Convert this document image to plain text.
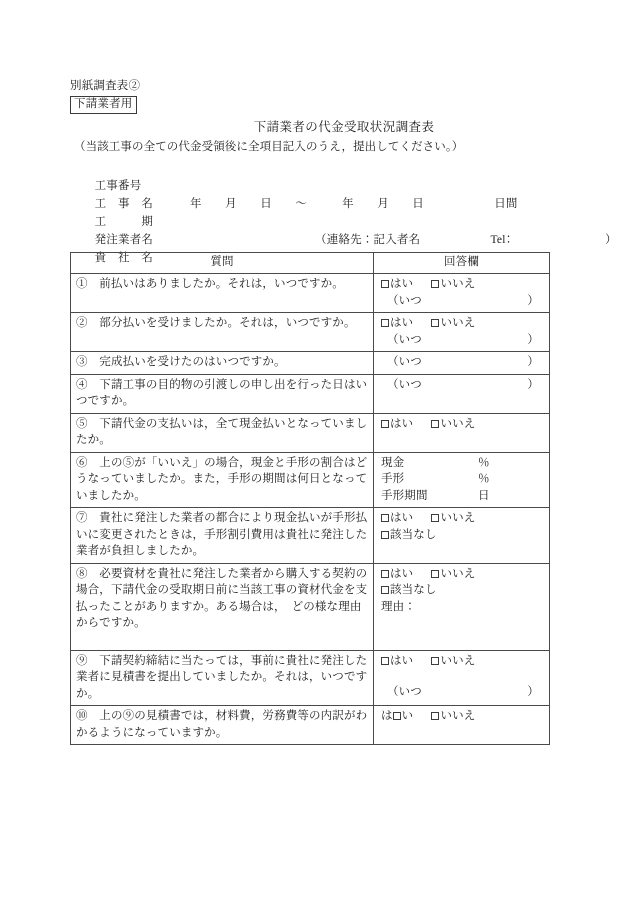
別紙調査表②
下請業者用
下請業者の代金受取状況調査表
（当該工事の全ての代金受領後に全項目記入のうえ，提出してください。）

工事番号

工　事　名

工　　　期

年　　月　　日　　～　　　年　　月　　日　　　　　　日間

発注業者名

貴　社　名

（連絡先：記入者名　　　　　　Tel：　　　　　　　　）

質問	回答欄

①　前払いはありましたか。それは，いつですか。	はい いいえ
（いつ ）

②　部分払いを受けましたか。それは，いつですか。	はい いいえ
（いつ ）

③　完成払いを受けたのはいつですか。	（いつ ）

④　下請工事の目的物の引渡しの申し出を行った日はいつですか。	（いつ ）

⑤　下請代金の支払いは，全て現金払いとなっていましたか。	はい いいえ

⑥　上の⑤が「いいえ」の場合，現金と手形の割合はどうなっていましたか。また，手形の期間は何日となっていましたか。

現金	％
手形	％
手形期間	日

⑦　貴社に発注した業者の都合により現金払いが手形払いに変更されたときは，手形割引費用は貴社に発注した業者が負担しましたか。	はい いいえ
該当なし

⑧　必要資材を貴社に発注した業者から購入する契約の場合，下請代金の受取期日前に当該工事の資材代金を支払ったことがありますか。ある場合は，　どの様な理由からですか。	はい いいえ
該当なし
理由：

⑨　下請契約締結に当たっては，事前に貴社に発注した業者に見積書を提出していましたか。それは，いつですか。	はい いいえ
（いつ ）

⑩　上の⑨の見積書では，材料費，労務費等の内訳がわかるようになっていますか。	は い いいえ
